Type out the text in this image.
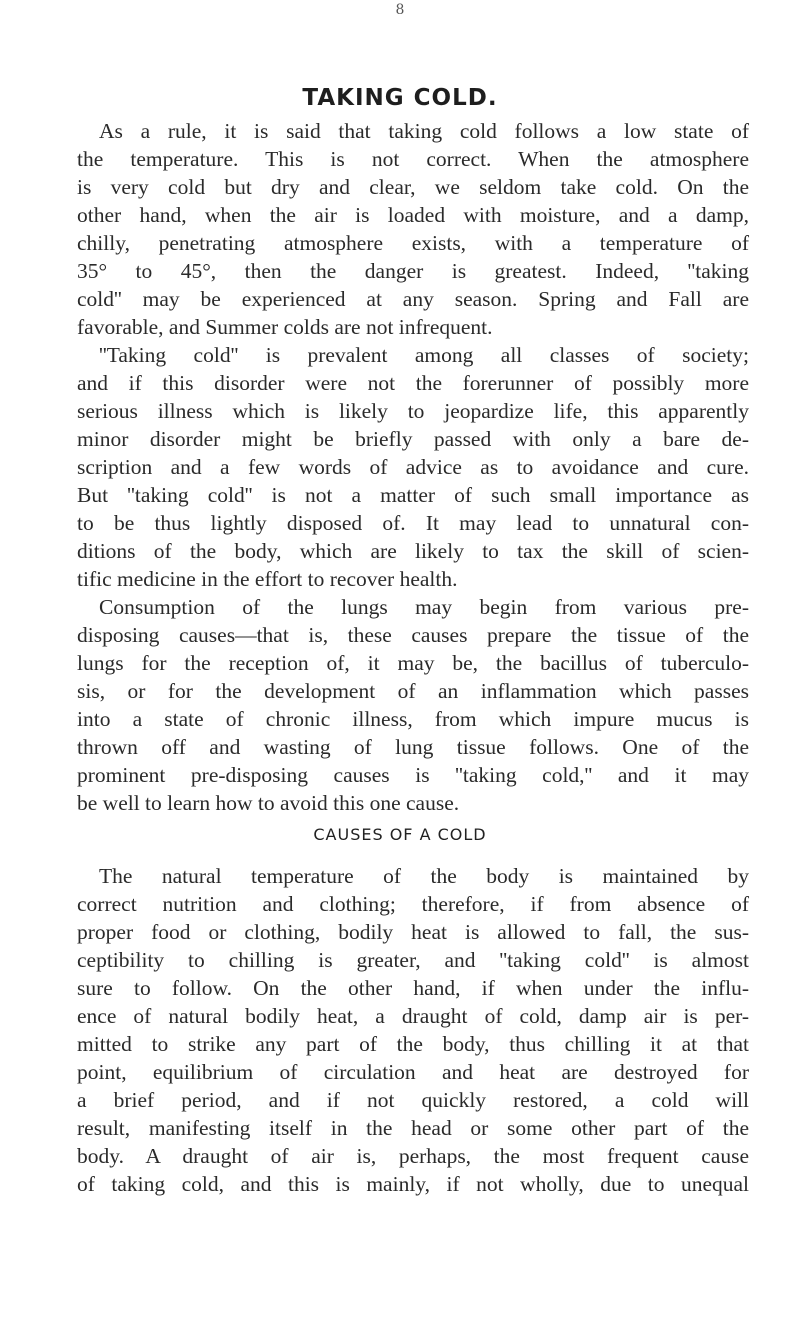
8
TAKING COLD.
As a rule, it is said that taking cold follows a low state of
the temperature. This is not correct. When the atmosphere
is very cold but dry and clear, we seldom take cold. On the
other hand, when the air is loaded with moisture, and a damp,
chilly, penetrating atmosphere exists, with a temperature of
35° to 45°, then the danger is greatest. Indeed, ''taking
cold'' may be experienced at any season. Spring and Fall are
favorable, and Summer colds are not infrequent.
''Taking cold'' is prevalent among all classes of society;
and if this disorder were not the forerunner of possibly more
serious illness which is likely to jeopardize life, this apparently
minor disorder might be briefly passed with only a bare de-
scription and a few words of advice as to avoidance and cure.
But ''taking cold'' is not a matter of such small importance as
to be thus lightly disposed of. It may lead to unnatural con-
ditions of the body, which are likely to tax the skill of scien-
tific medicine in the effort to recover health.
Consumption of the lungs may begin from various pre-
disposing causes—that is, these causes prepare the tissue of the
lungs for the reception of, it may be, the bacillus of tuberculo-
sis, or for the development of an inflammation which passes
into a state of chronic illness, from which impure mucus is
thrown off and wasting of lung tissue follows. One of the
prominent pre-disposing causes is ''taking cold,'' and it may
be well to learn how to avoid this one cause.
CAUSES OF A COLD
The natural temperature of the body is maintained by
correct nutrition and clothing; therefore, if from absence of
proper food or clothing, bodily heat is allowed to fall, the sus-
ceptibility to chilling is greater, and ''taking cold'' is almost
sure to follow. On the other hand, if when under the influ-
ence of natural bodily heat, a draught of cold, damp air is per-
mitted to strike any part of the body, thus chilling it at that
point, equilibrium of circulation and heat are destroyed for
a brief period, and if not quickly restored, a cold will
result, manifesting itself in the head or some other part of the
body. A draught of air is, perhaps, the most frequent cause
of taking cold, and this is mainly, if not wholly, due to unequal
